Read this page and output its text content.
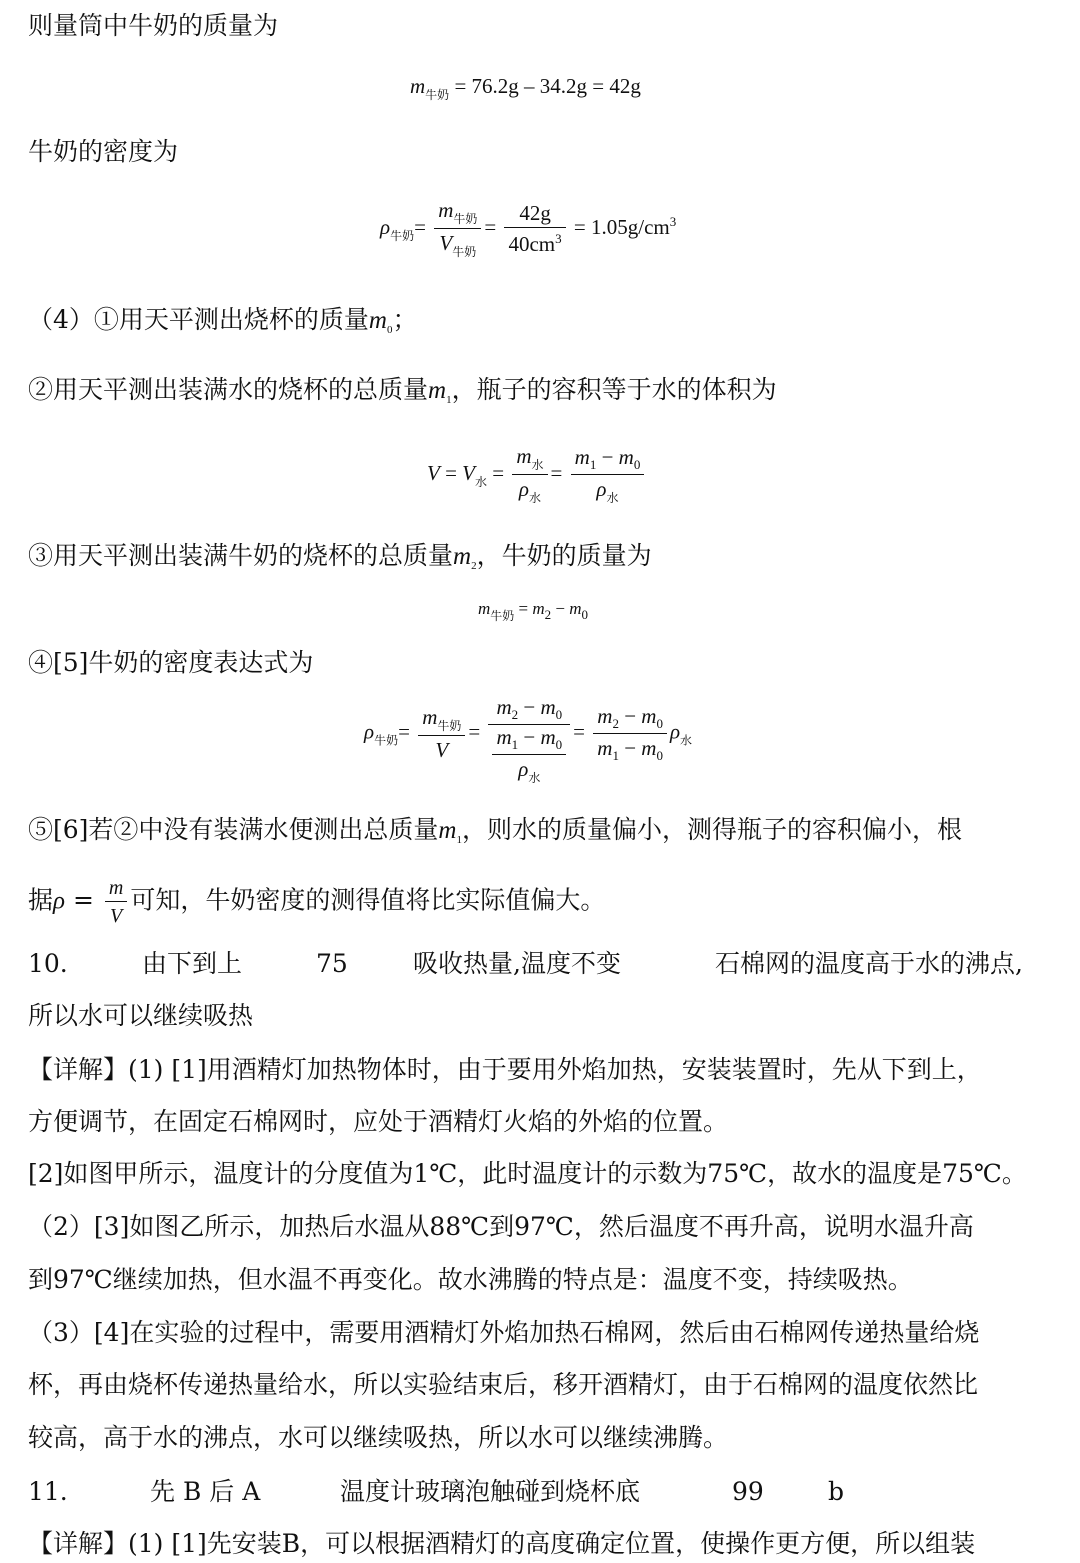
则量筒中牛奶的质量为
$m_{牛奶} = 76.2g - 34.2g = 42g$
牛奶的密度为
$\rho_{牛奶}= \frac{m_{牛奶}}{V_{牛奶}} = \frac{42g}{40cm^3} = 1.05g/cm^3$
（4）①用天平测出烧杯的质量$m_0$；
②用天平测出装满水的烧杯的总质量$m_1$，瓶子的容积等于水的体积为
$V = V_水 = \frac{m_水}{\rho_水} = \frac{m_1 - m_0}{\rho_水}$
③用天平测出装满牛奶的烧杯的总质量$m_2$，牛奶的质量为
$m_{牛奶} = m_2 - m_0$
④[5]牛奶的密度表达式为
$\rho_{牛奶}= \frac{m_{牛奶}}{V} = \frac{m_2 - m_0}{\frac{m_1 - m_0}{\rho_水}} = \frac{m_2 - m_0}{m_1 - m_0} \rho_水$
⑤[6]若②中没有装满水便测出总质量$m_1$，则水的质量偏小，测得瓶子的容积偏小，根
据$\rho = \frac{m}{V}$ 可知，牛奶密度的测得值将比实际值偏大。
10.	由下到上	75	吸收热量,温度不变	石棉网的温度高于水的沸点,
所以水可以继续吸热
【详解】(1) [1]用酒精灯加热物体时，由于要用外焰加热，安装装置时，先从下到上，
方便调节，在固定石棉网时，应处于酒精灯火焰的外焰的位置。
[2]如图甲所示，温度计的分度值为1℃，此时温度计的示数为75℃，故水的温度是75℃。
（2）[3]如图乙所示，加热后水温从88℃到97℃，然后温度不再升高，说明水温升高
到97℃继续加热，但水温不再变化。故水沸腾的特点是：温度不变，持续吸热。
（3）[4]在实验的过程中，需要用酒精灯外焰加热石棉网，然后由石棉网传递热量给烧
杯，再由烧杯传递热量给水，所以实验结束后，移开酒精灯，由于石棉网的温度依然比
较高，高于水的沸点，水可以继续吸热，所以水可以继续沸腾。
11.	先 B 后 A	温度计玻璃泡触碰到烧杯底	99	b
【详解】(1) [1]先安装B，可以根据酒精灯的高度确定位置，使操作更方便，所以组装
